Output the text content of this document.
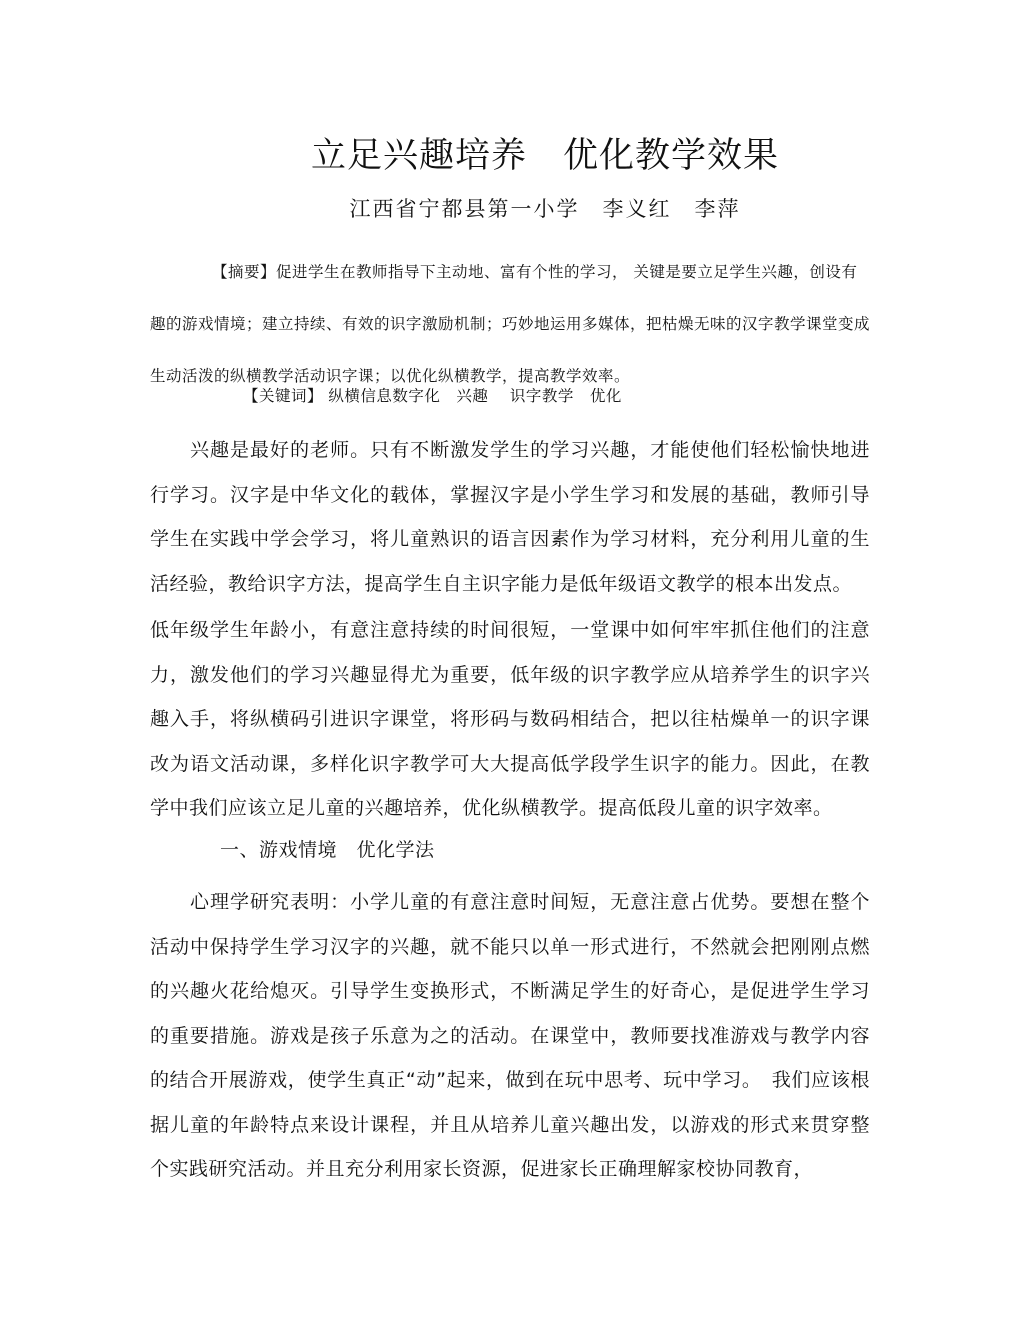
立足兴趣培养　优化教学效果
江西省宁都县第一小学　李义红　李萍
【摘要】促进学生在教师指导下主动地、富有个性的学习， 关键是要立足学生兴趣，创设有趣的游戏情境；建立持续、有效的识字激励机制；巧妙地运用多媒体，把枯燥无味的汉字教学课堂变成生动活泼的纵横教学活动识字课；以优化纵横教学，提高教学效率。
【关键词】 纵横信息数字化　兴趣　 识字教学　优化
兴趣是最好的老师。只有不断激发学生的学习兴趣，才能使他们轻松愉快地进行学习。汉字是中华文化的载体，掌握汉字是小学生学习和发展的基础，教师引导学生在实践中学会学习，将儿童熟识的语言因素作为学习材料，充分利用儿童的生活经验，教给识字方法，提高学生自主识字能力是低年级语文教学的根本出发点。
低年级学生年龄小，有意注意持续的时间很短，一堂课中如何牢牢抓住他们的注意力，激发他们的学习兴趣显得尤为重要，低年级的识字教学应从培养学生的识字兴趣入手，将纵横码引进识字课堂，将形码与数码相结合，把以往枯燥单一的识字课改为语文活动课，多样化识字教学可大大提高低学段学生识字的能力。因此，在教学中我们应该立足儿童的兴趣培养，优化纵横教学。提高低段儿童的识字效率。
一、游戏情境　优化学法
心理学研究表明：小学儿童的有意注意时间短，无意注意占优势。要想在整个活动中保持学生学习汉字的兴趣，就不能只以单一形式进行，不然就会把刚刚点燃的兴趣火花给熄灭。引导学生变换形式，不断满足学生的好奇心，是促进学生学习的重要措施。游戏是孩子乐意为之的活动。在课堂中，教师要找准游戏与教学内容的结合开展游戏，使学生真正“动”起来，做到在玩中思考、玩中学习。　我们应该根据儿童的年龄特点来设计课程，并且从培养儿童兴趣出发，以游戏的形式来贯穿整个实践研究活动。并且充分利用家长资源，促进家长正确理解家校协同教育，
